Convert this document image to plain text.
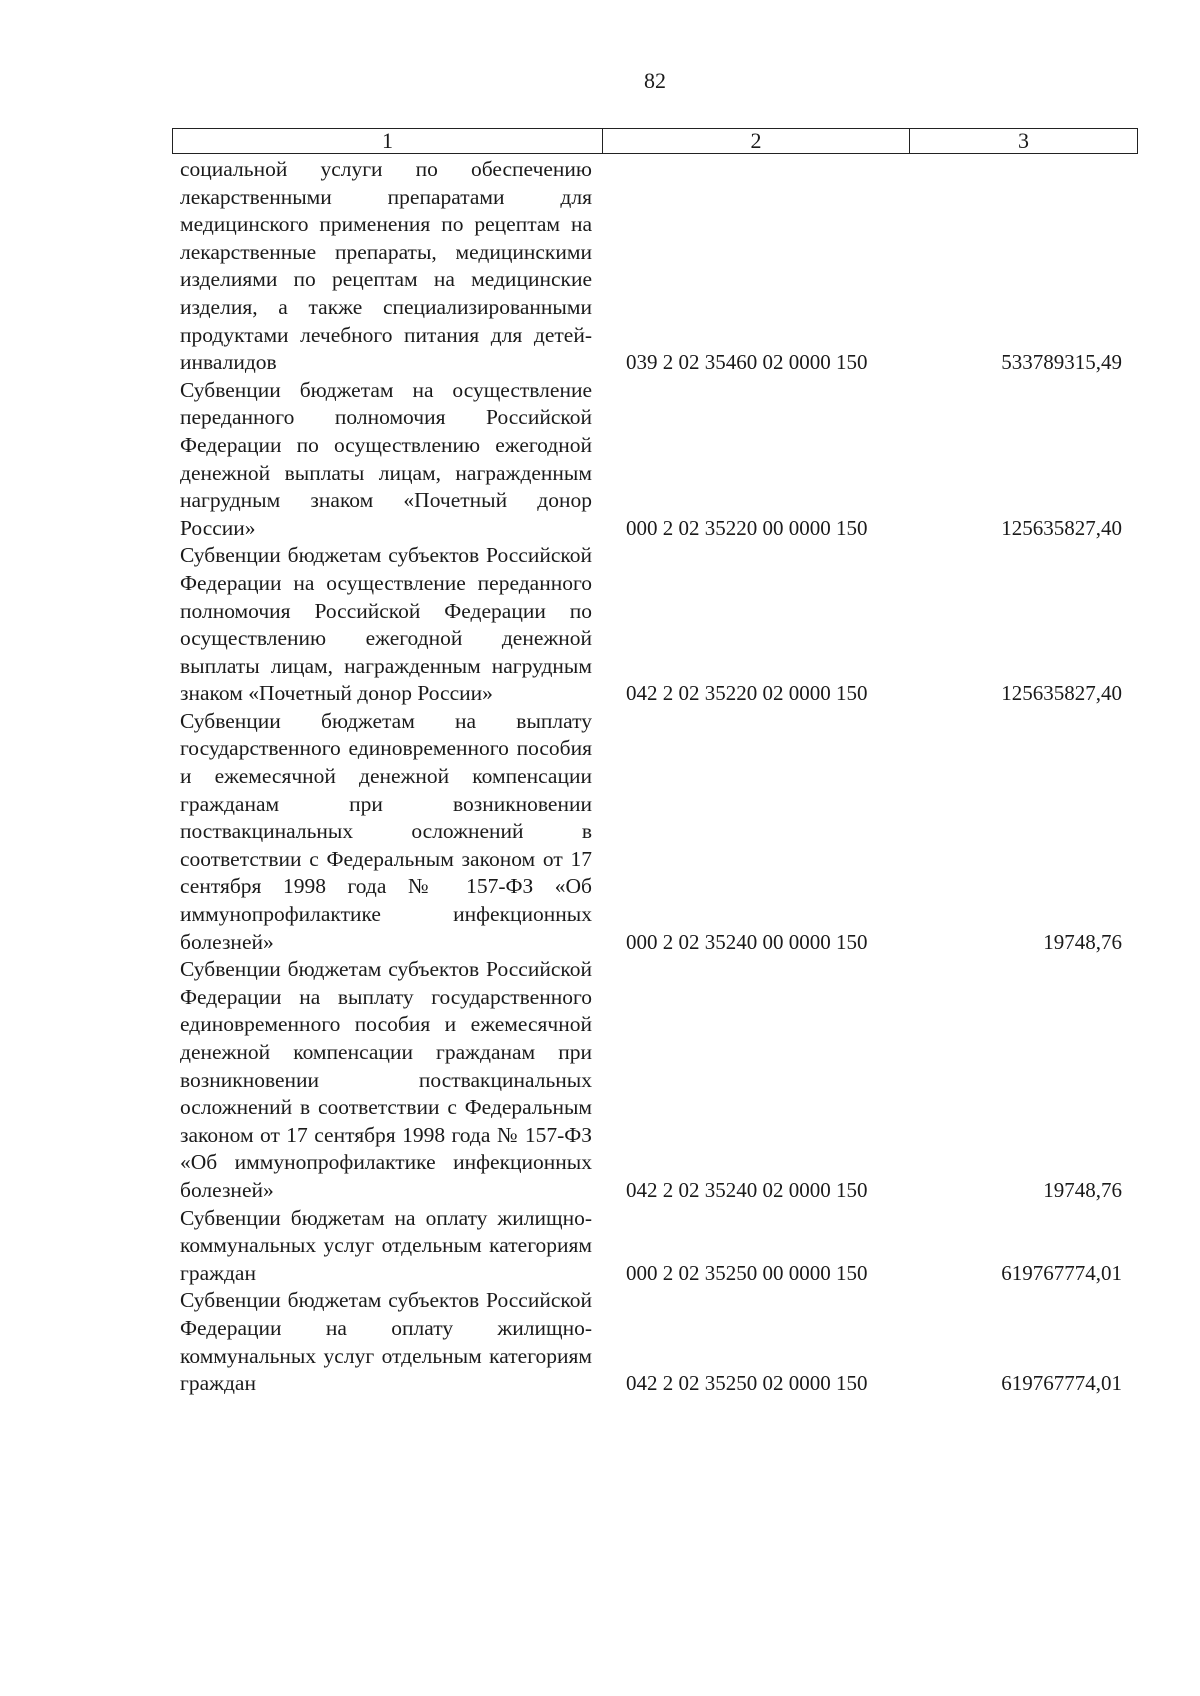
82
1	2	3
социальной услуги по обеспечению лекарственными препаратами для медицинского применения по рецептам на лекарственные препараты, медицинскими изделиями по рецептам на медицинские изделия, а также специализированными продуктами лечебного питания для детей-инвалидов	039 2 02 35460 02 0000 150	533789315,49
Субвенции бюджетам на осуществление переданного полномочия Российской Федерации по осуществлению ежегодной денежной выплаты лицам, награжденным нагрудным знаком «Почетный донор России»	000 2 02 35220 00 0000 150	125635827,40
Субвенции бюджетам субъектов Российской Федерации на осуществление переданного полномочия Российской Федерации по осуществлению ежегодной денежной выплаты лицам, награжденным нагрудным знаком «Почетный донор России»	042 2 02 35220 02 0000 150	125635827,40
Субвенции бюджетам на выплату государственного единовременного пособия и ежемесячной денежной компенсации гражданам при возникновении поствакцинальных осложнений в соответствии с Федеральным законом от 17 сентября 1998 года № 157-ФЗ «Об иммунопрофилактике инфекционных болезней»	000 2 02 35240 00 0000 150	19748,76
Субвенции бюджетам субъектов Российской Федерации на выплату государственного единовременного пособия и ежемесячной денежной компенсации гражданам при возникновении поствакцинальных осложнений в соответствии с Федеральным законом от 17 сентября 1998 года № 157-ФЗ «Об иммунопрофилактике инфекционных болезней»	042 2 02 35240 02 0000 150	19748,76
Субвенции бюджетам на оплату жилищно-коммунальных услуг отдельным категориям граждан	000 2 02 35250 00 0000 150	619767774,01
Субвенции бюджетам субъектов Российской Федерации на оплату жилищно-коммунальных услуг отдельным категориям граждан	042 2 02 35250 02 0000 150	619767774,01
